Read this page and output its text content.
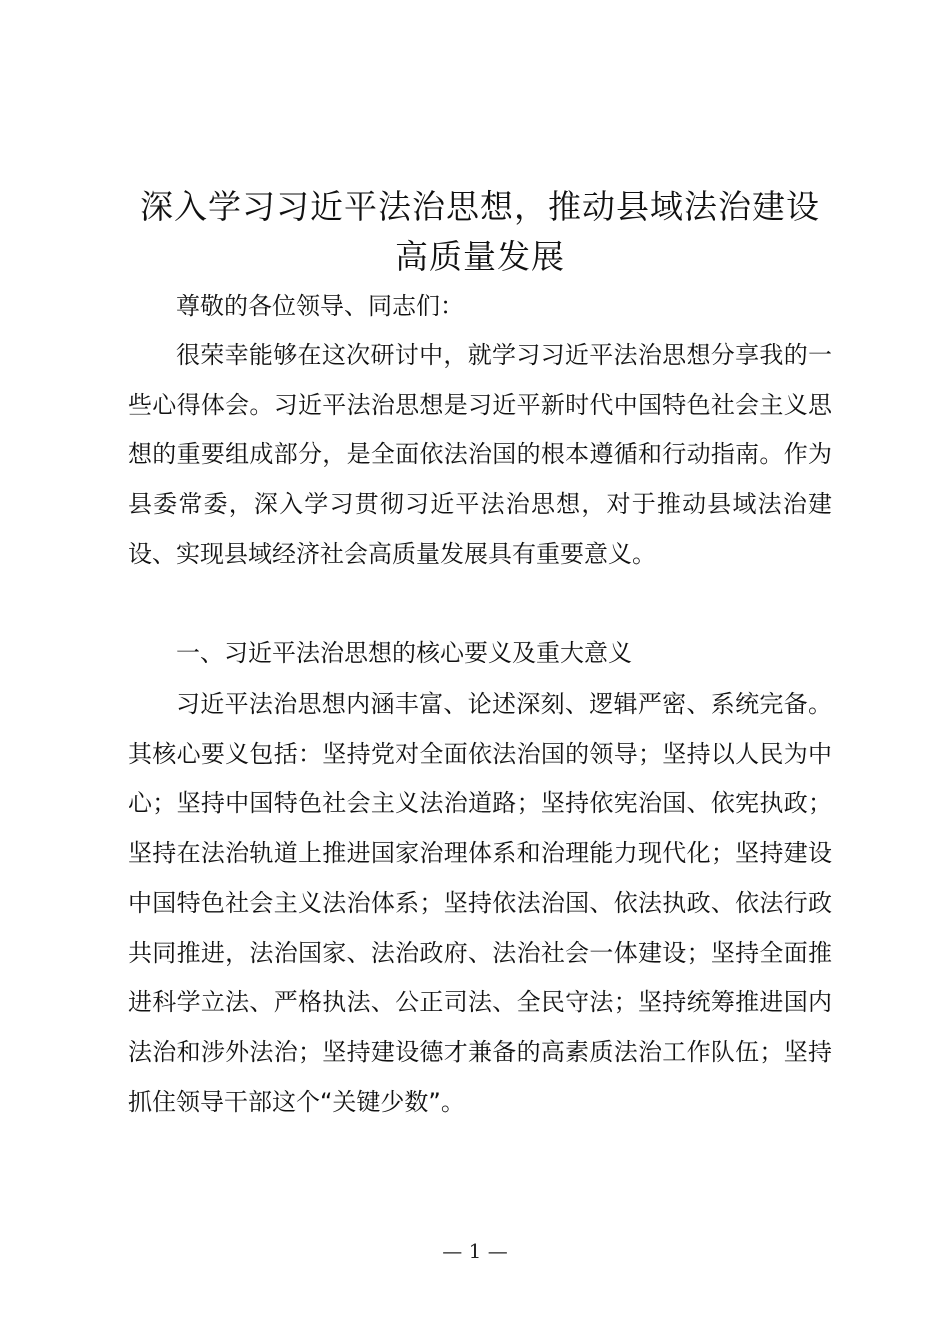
深入学习习近平法治思想，推动县域法治建设
高质量发展

尊敬的各位领导、同志们：

很荣幸能够在这次研讨中，就学习习近平法治思想分享我的一些心得体会。习近平法治思想是习近平新时代中国特色社会主义思想的重要组成部分，是全面依法治国的根本遵循和行动指南。作为县委常委，深入学习贯彻习近平法治思想，对于推动县域法治建设、实现县域经济社会高质量发展具有重要意义。

一、习近平法治思想的核心要义及重大意义

习近平法治思想内涵丰富、论述深刻、逻辑严密、系统完备。其核心要义包括：坚持党对全面依法治国的领导；坚持以人民为中心；坚持中国特色社会主义法治道路；坚持依宪治国、依宪执政；坚持在法治轨道上推进国家治理体系和治理能力现代化；坚持建设中国特色社会主义法治体系；坚持依法治国、依法执政、依法行政共同推进，法治国家、法治政府、法治社会一体建设；坚持全面推进科学立法、严格执法、公正司法、全民守法；坚持统筹推进国内法治和涉外法治；坚持建设德才兼备的高素质法治工作队伍；坚持抓住领导干部这个“关键少数”。

— 1 —
